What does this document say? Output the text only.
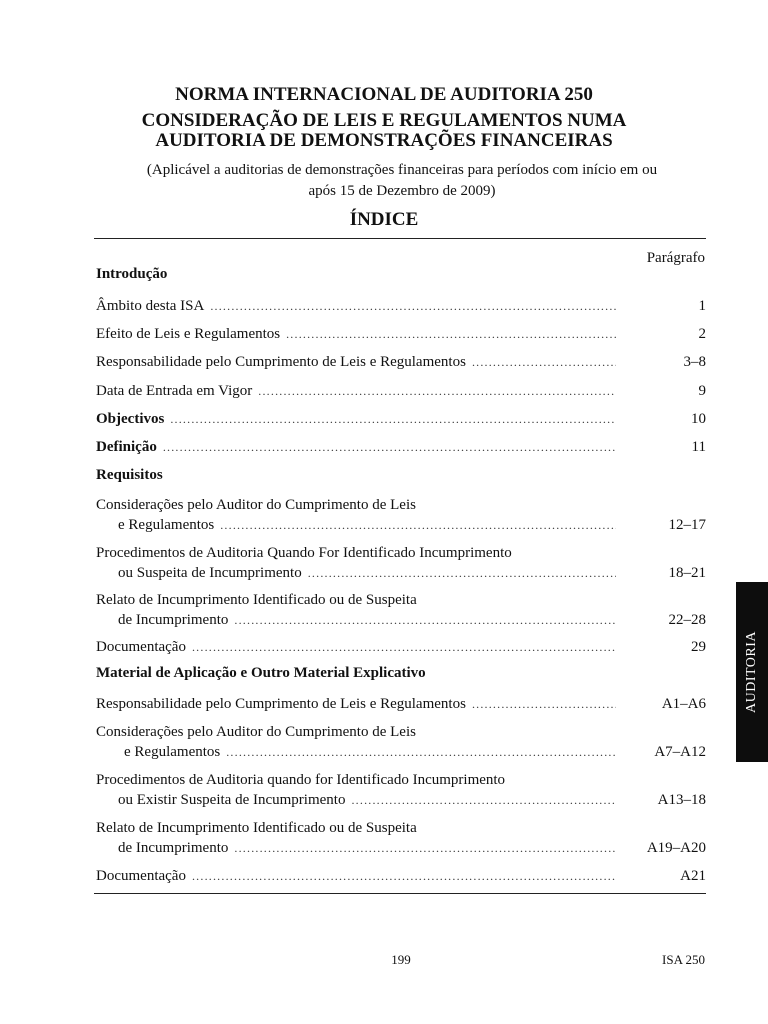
NORMA INTERNACIONAL DE AUDITORIA 250
CONSIDERAÇÃO DE LEIS E REGULAMENTOS NUMA
AUDITORIA DE DEMONSTRAÇÕES FINANCEIRAS
(Aplicável a auditorias de demonstrações financeiras para períodos com início em ou
após 15 de Dezembro de 2009)
ÍNDICE
Parágrafo
Introdução
Âmbito desta ISA .....	1
Efeito de Leis e Regulamentos .....	2
Responsabilidade pelo Cumprimento de Leis e Regulamentos .....	3–8
Data de Entrada em Vigor .....	9
Objectivos .....	10
Definição .....	11
Requisitos
Considerações pelo Auditor do Cumprimento de Leis
e Regulamentos .....	12–17
Procedimentos de Auditoria Quando For Identificado Incumprimento
ou Suspeita de Incumprimento .....	18–21
Relato de Incumprimento Identificado ou de Suspeita
de Incumprimento .....	22–28
Documentação .....	29
Material de Aplicação e Outro Material Explicativo
Responsabilidade pelo Cumprimento de Leis e Regulamentos .....	A1–A6
Considerações pelo Auditor do Cumprimento de Leis
e Regulamentos .....	A7–A12
Procedimentos de Auditoria quando for Identificado Incumprimento
ou Existir Suspeita de Incumprimento .....	A13–18
Relato de Incumprimento Identificado ou de Suspeita
de Incumprimento .....	A19–A20
Documentação .....	A21
199	ISA 250
AUDITORIA
